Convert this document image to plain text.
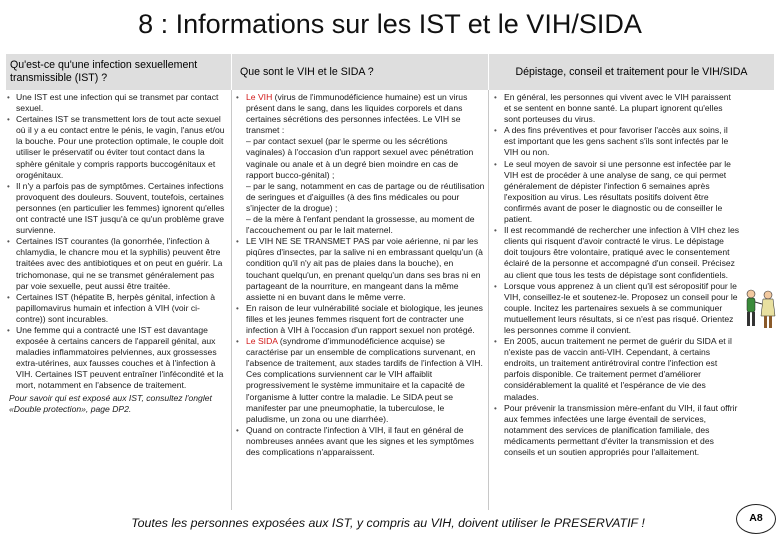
8 : Informations sur les IST et le VIH/SIDA
Qu'est-ce qu'une infection sexuellement transmissible (IST) ?
Que sont le VIH et le SIDA ?	Dépistage, conseil et traitement pour le VIH/SIDA
• Une IST est une infection qui se transmet par contact sexuel.
• Certaines IST se transmettent lors de tout acte sexuel où il y a eu contact entre le pénis, le vagin, l'anus et/ou la bouche. Pour une protection optimale, le couple doit utiliser le préservatif ou éviter tout contact dans la sphère génitale y compris rapports buccogénitaux et orogénitaux.
• Il n'y a parfois pas de symptômes. Certaines infections provoquent des douleurs. Souvent, toutefois, certaines personnes (en particulier les femmes) ignorent qu'elles ont contracté une IST jusqu'à ce qu'un problème grave survienne.
• Certaines IST courantes (la gonorrhée, l'infection à chlamydia, le chancre mou et la syphilis) peuvent être traitées avec des antibiotiques et on peut en guérir. La trichomonase, qui ne se transmet généralement pas par voie sexuelle, peut aussi être traitée.
• Certaines IST (hépatite B, herpès génital, infection à papillomavirus humain et infection à VIH (voir ci-contre)) sont incurables.
• Une femme qui a contracté une IST est davantage exposée à certains cancers de l'appareil génital, aux maladies inflammatoires pelviennes, aux grossesses extra-utérines, aux fausses couches et à l'infection à VIH. Certaines IST peuvent entraîner l'infécondité et la mort, notamment en l'absence de traitement.
Pour savoir qui est exposé aux IST, consultez l'onglet «Double protection», page DP2.
• Le VIH (virus de l'immunodéficience humaine) est un virus présent dans le sang, dans les liquides corporels et dans certaines sécrétions des personnes infectées. Le VIH se transmet :
– par contact sexuel (par le sperme ou les sécrétions vaginales) à l'occasion d'un rapport sexuel avec pénétration vaginale ou anale et à un degré bien moindre en cas de rapport bucco-génital) ;
– par le sang, notamment en cas de partage ou de réutilisation de seringues et d'aiguilles (à des fins médicales ou pour s'injecter de la drogue) ;
– de la mère à l'enfant pendant la grossesse, au moment de l'accouchement ou par le lait maternel.
• LE VIH NE SE TRANSMET PAS par voie aérienne, ni par les piqûres d'insectes, par la salive ni en embrassant quelqu'un (à condition qu'il n'y ait pas de plaies dans la bouche), en touchant quelqu'un, en prenant quelqu'un dans ses bras ni en partageant de la nourriture, en mangeant dans la même assiette ni en buvant dans le même verre.
• En raison de leur vulnérabilité sociale et biologique, les jeunes filles et les jeunes femmes risquent fort de contracter une infection à VIH à l'occasion d'un rapport sexuel non protégé.
• Le SIDA (syndrome d'immunodéficience acquise) se caractérise par un ensemble de complications survenant, en l'absence de traitement, aux stades tardifs de l'infection à VIH. Ces complications surviennent car le VIH affaiblit progressivement le système immunitaire et la capacité de l'organisme à lutter contre la maladie. Le SIDA peut se manifester par une pneumophatie, la tuberculose, le paludisme, un zona ou une diarrhée).
• Quand on contracte l'infection à VIH, il faut en général de nombreuses années avant que les signes et les symptômes des complications n'apparaissent.
• En général, les personnes qui vivent avec le VIH paraissent et se sentent en bonne santé. La plupart ignorent qu'elles sont porteuses du virus.
• A des fins préventives et pour favoriser l'accès aux soins, il est important que les gens sachent s'ils sont infectés par le VIH ou non.
• Le seul moyen de savoir si une personne est infectée par le VIH est de procéder à une analyse de sang, ce qui permet généralement de dépister l'infection 6 semaines après l'exposition au virus. Les résultats positifs doivent être confirmés avant de poser le diagnostic ou de conseiller le patient.
• Il est recommandé de rechercher une infection à VIH chez les clients qui risquent d'avoir contracté le virus. Le dépistage doit toujours être volontaire, pratiqué avec le consentement éclairé de la personne et accompagné d'un conseil. Précisez au client que tous les tests de dépistage sont confidentiels.
• Lorsque vous apprenez à un client qu'il est séropositif pour le VIH, conseillez-le et soutenez-le. Proposez un conseil pour le couple. Incitez les partenaires sexuels à se communiquer mutuellement leurs résultats, si ce n'est pas risqué. Orientez les personnes comme il convient.
• En 2005, aucun traitement ne permet de guérir du SIDA et il n'existe pas de vaccin anti-VIH. Cependant, à certains endroits, un traitement antirétroviral contre l'infection est parfois disponible. Ce traitement permet d'améliorer considérablement la qualité et l'espérance de vie des malades.
• Pour prévenir la transmission mère-enfant du VIH, il faut offrir aux femmes infectées une large éventail de services, notamment des services de planification familiale, des médicaments permettant d'éviter la transmission et des conseils et un soutien appropriés pour l'allaitement.
Toutes les personnes exposées aux IST, y compris au VIH, doivent utiliser le PRESERVATIF !	A8
